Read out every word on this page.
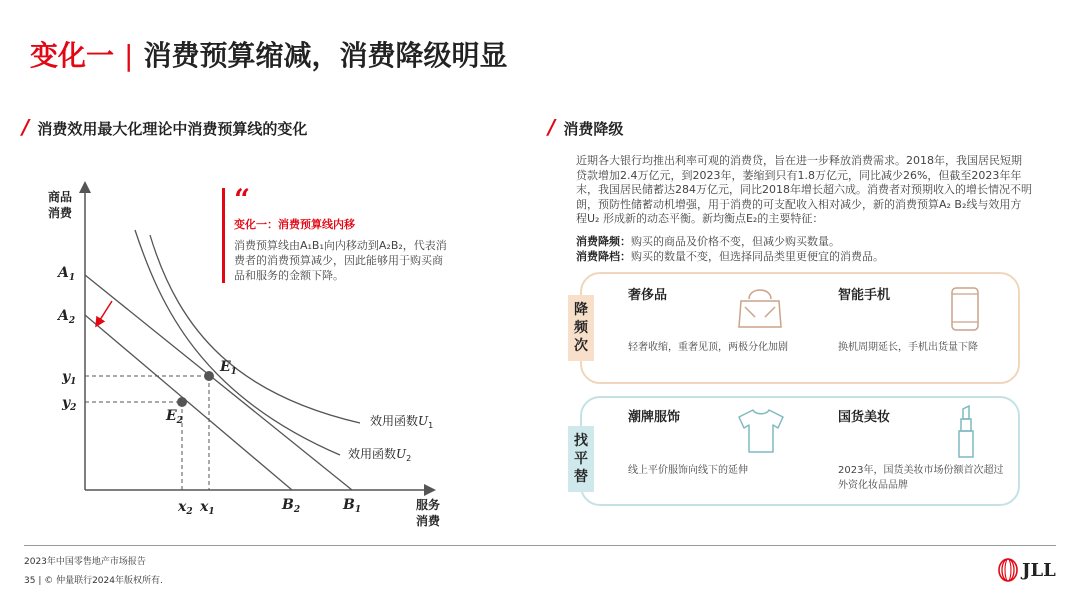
变化一 | 消费预算缩减，消费降级明显
/ 消费效用最大化理论中消费预算线的变化
商品
消费
服务
消费
$A_1$
$A_2$
$y_1$
$y_2$
$x_2$ $x_1$	$B_2$	$B_1$
$E_1$
$E_2$	效用函数$U_1$
效用函数$U_2$
“
变化一：消费预算线内移
消费预算线由A₁B₁向内移动到A₂B₂，代表消费者的消费预算减少，因此能够用于购买商品和服务的金额下降。
/ 消费降级
近期各大银行均推出利率可观的消费贷，旨在进一步释放消费需求。2018年，我国居民短期贷款增加2.4万亿元，到2023年，萎缩到只有1.8万亿元，同比减少26%，但截至2023年年末，我国居民储蓄达284万亿元，同比2018年增长超六成。消费者对预期收入的增长情况不明朗，预防性储蓄动机增强，用于消费的可支配收入相对减少，新的消费预算A₂ B₂线与效用方程U₂ 形成新的动态平衡。新均衡点E₂的主要特征：
消费降频：购买的商品及价格不变，但减少购买数量。
消费降档：购买的数量不变，但选择同品类里更便宜的消费品。
降频次
奢侈品
轻奢收缩，重奢见顶，两极分化加剧
智能手机
换机周期延长，手机出货量下降
找平替
潮牌服饰
线上平价服饰向线下的延伸
国货美妆
2023年，国货美妆市场份额首次超过外资化妆品品牌
2023年中国零售地产市场报告
35 | © 仲量联行2024年版权所有.
JLL
